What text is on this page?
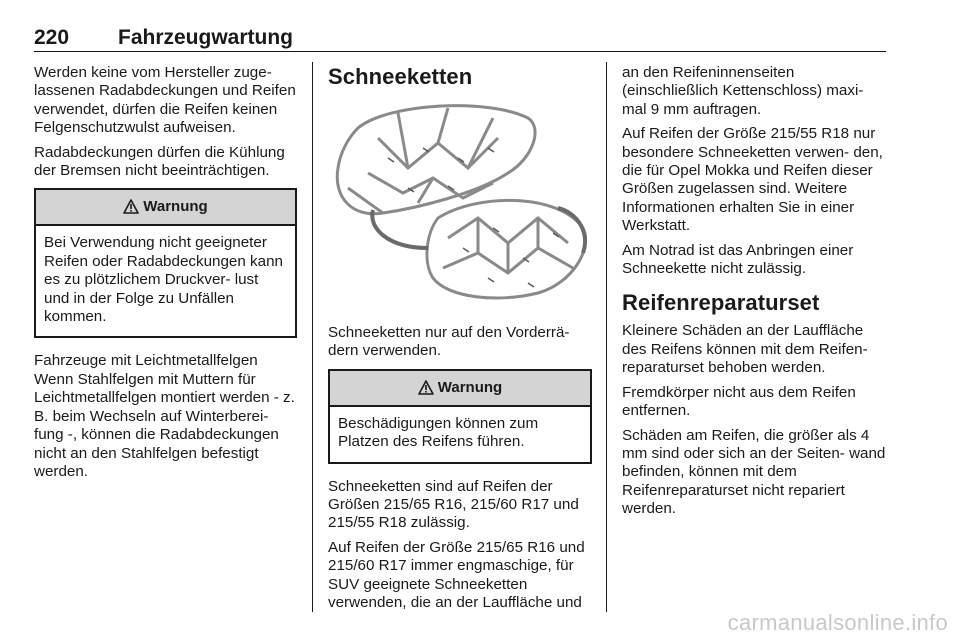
220 Fahrzeugwartung

Werden keine vom Hersteller zuge- lassenen Radabdeckungen und Reifen verwendet, dürfen die Reifen keinen Felgenschutzwulst aufweisen.

Radabdeckungen dürfen die Kühlung der Bremsen nicht beeinträchtigen.

Warnung

Bei Verwendung nicht geeigneter Reifen oder Radabdeckungen kann es zu plötzlichem Druckver- lust und in der Folge zu Unfällen kommen.

Fahrzeuge mit Leichtmetallfelgen Wenn Stahlfelgen mit Muttern für Leichtmetallfelgen montiert werden - z. B. beim Wechseln auf Winterberei- fung -, können die Radabdeckungen nicht an den Stahlfelgen befestigt werden.

Schneeketten

Schneeketten nur auf den Vorderrä- dern verwenden.

Warnung

Beschädigungen können zum Platzen des Reifens führen.

Schneeketten sind auf Reifen der Größen 215/65 R16, 215/60 R17 und 215/55 R18 zulässig.

Auf Reifen der Größe 215/65 R16 und 215/60 R17 immer engmaschige, für SUV geeignete Schneeketten verwenden, die an der Lauffläche und

an den Reifeninnenseiten (einschließlich Kettenschloss) maxi- mal 9 mm auftragen.

Auf Reifen der Größe 215/55 R18 nur besondere Schneeketten verwen- den, die für Opel Mokka und Reifen dieser Größen zugelassen sind. Weitere Informationen erhalten Sie in einer Werkstatt.

Am Notrad ist das Anbringen einer Schneekette nicht zulässig.

Reifenreparaturset

Kleinere Schäden an der Lauffläche des Reifens können mit dem Reifen- reparaturset behoben werden.

Fremdkörper nicht aus dem Reifen entfernen.

Schäden am Reifen, die größer als 4 mm sind oder sich an der Seiten- wand befinden, können mit dem Reifenreparaturset nicht repariert werden.

carmanualsonline.info
